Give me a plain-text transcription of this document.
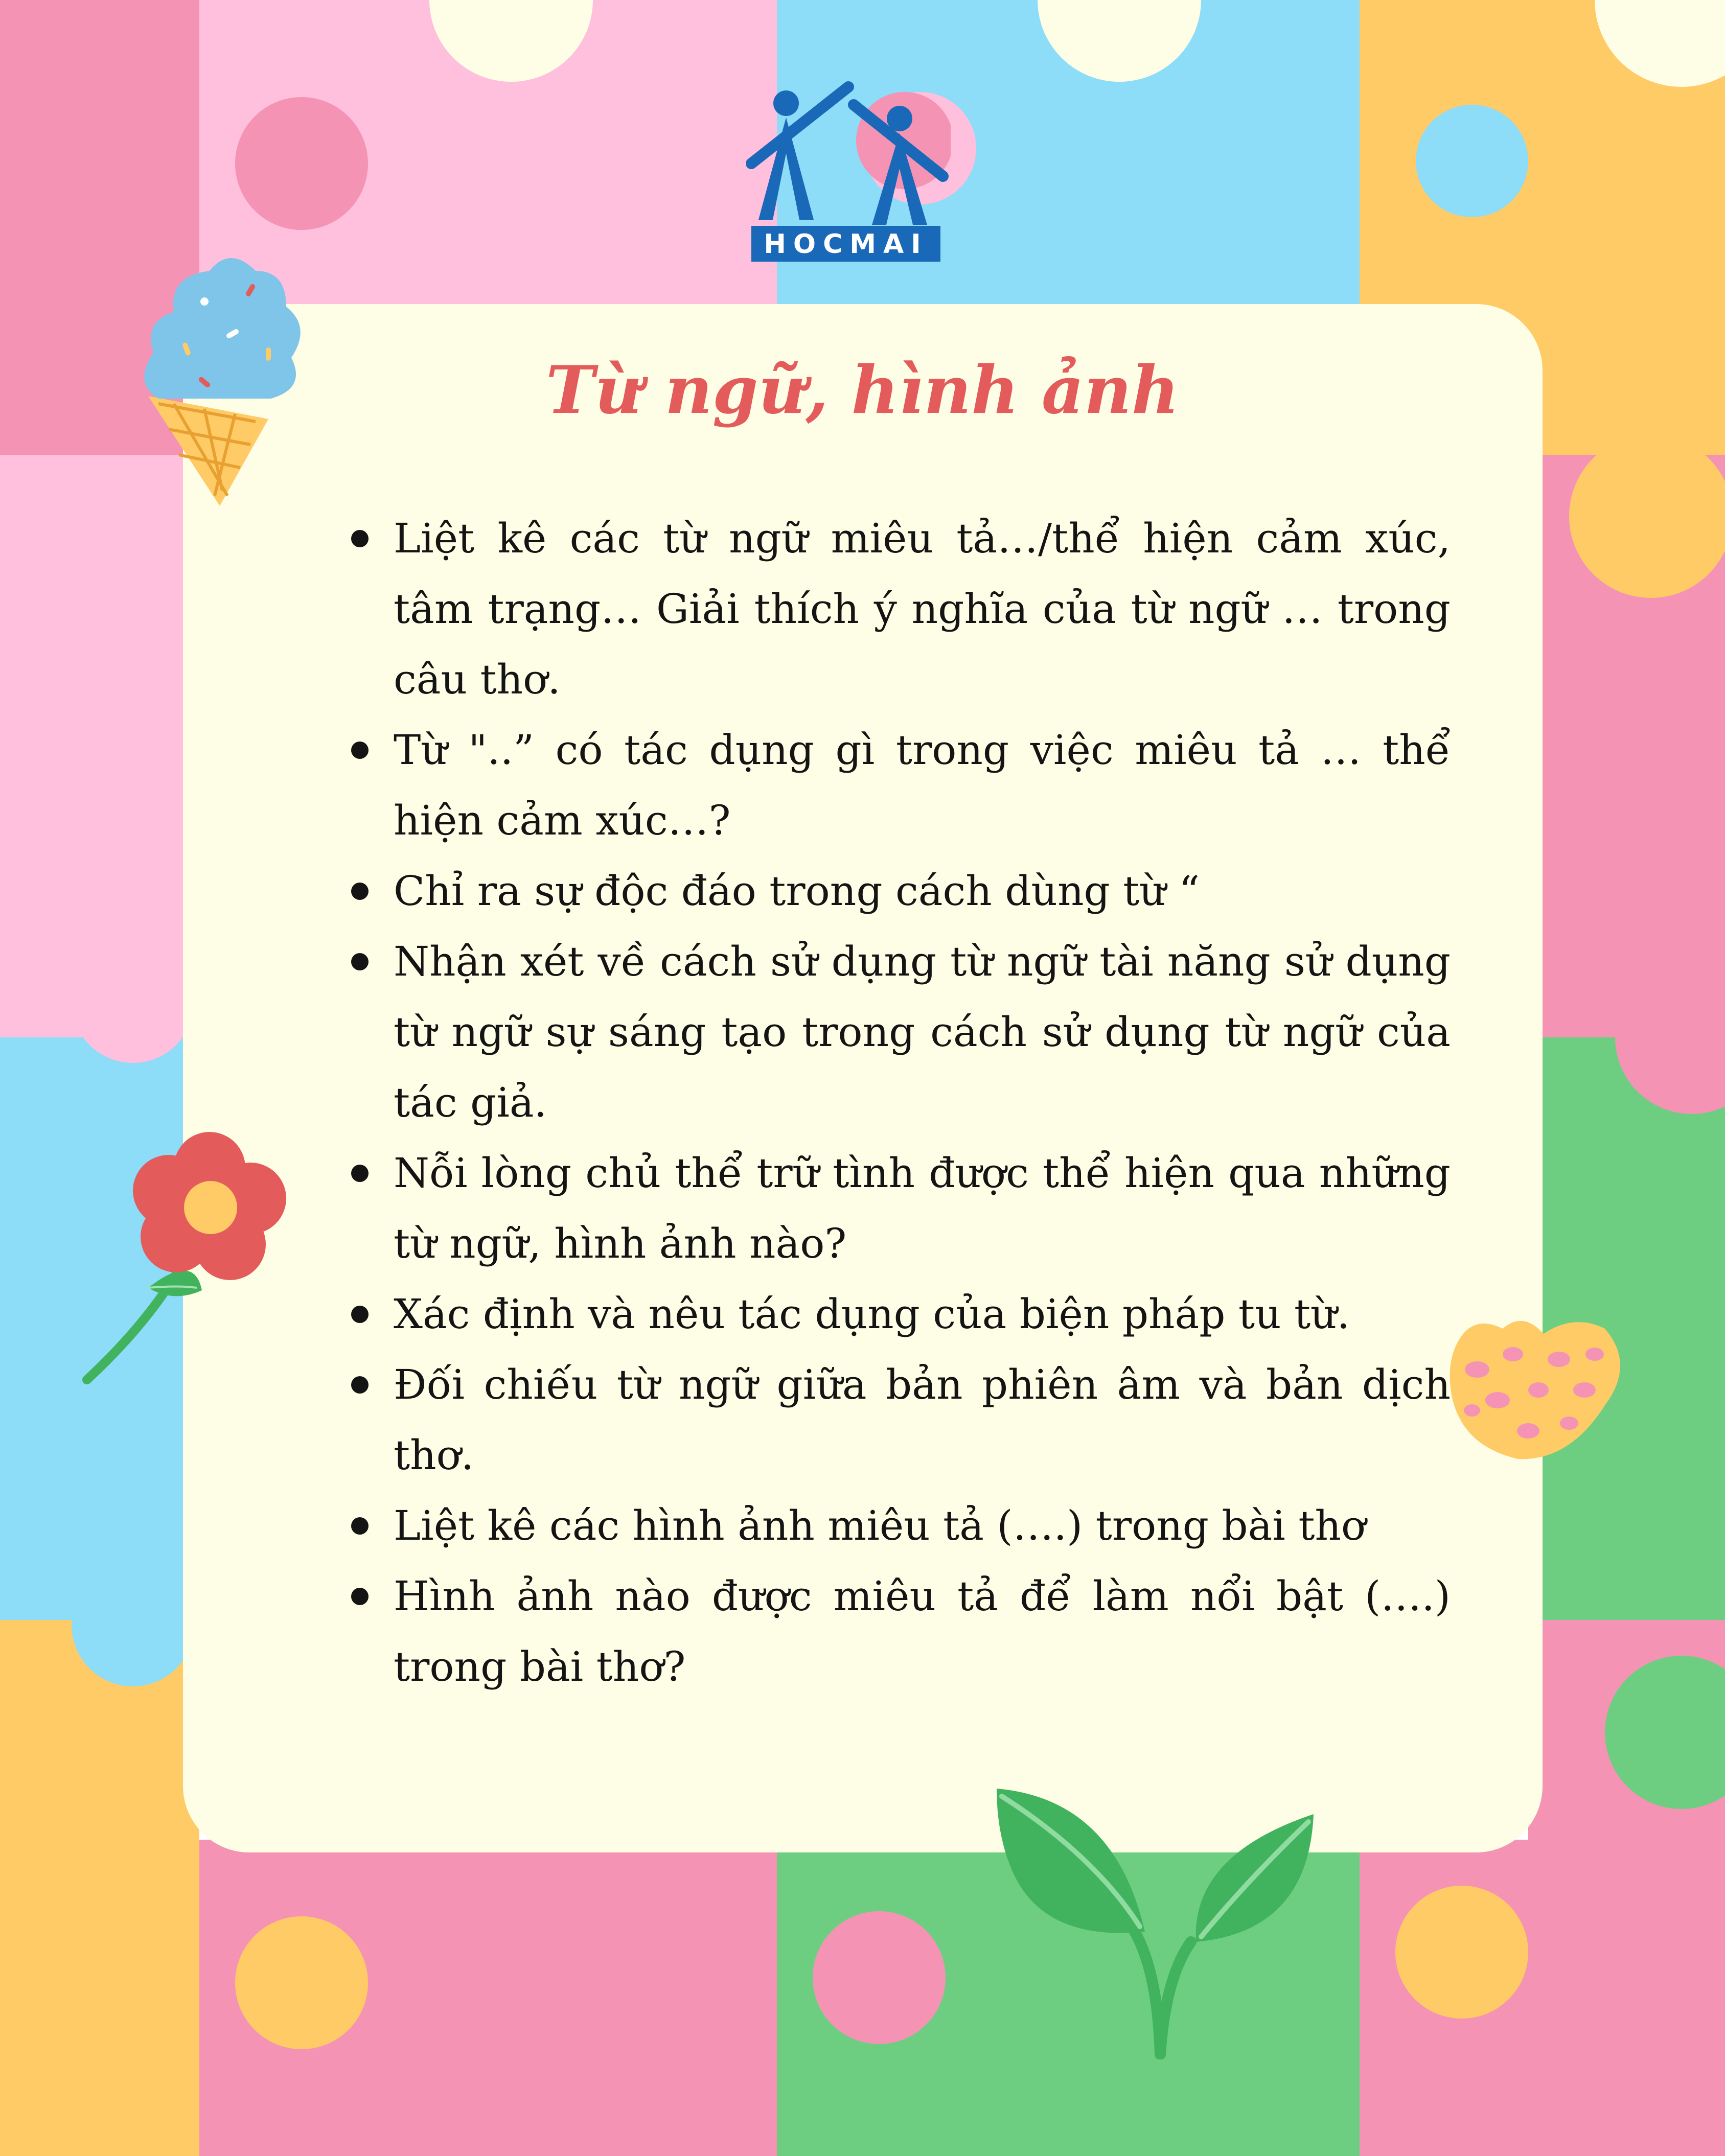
HOCMAI
Từ ngữ, hình ảnh
Liệt kê các từ ngữ miêu tả…/thể hiện cảm xúc, tâm trạng… Giải thích ý nghĩa của từ ngữ … trong câu thơ.
Từ "..” có tác dụng gì trong việc miêu tả … thể hiện cảm xúc…?
Chỉ ra sự độc đáo trong cách dùng từ “
Nhận xét về cách sử dụng từ ngữ tài năng sử dụng từ ngữ sự sáng tạo trong cách sử dụng từ ngữ của tác giả.
Nỗi lòng chủ thể trữ tình được thể hiện qua những từ ngữ, hình ảnh nào?
Xác định và nêu tác dụng của biện pháp tu từ.
Đối chiếu từ ngữ giữa bản phiên âm và bản dịch thơ.
Liệt kê các hình ảnh miêu tả (….) trong bài thơ
Hình ảnh nào được miêu tả để làm nổi bật (….) trong bài thơ?
